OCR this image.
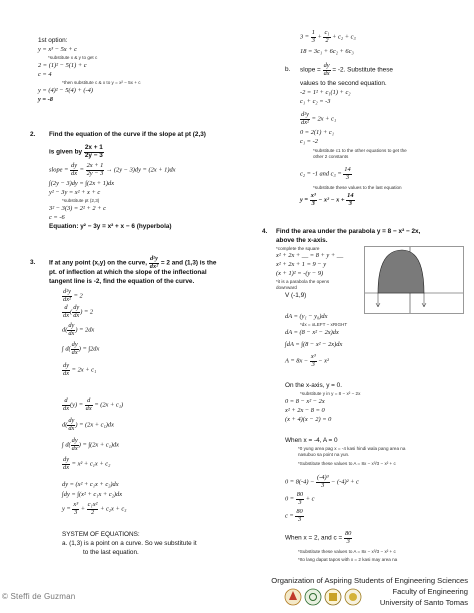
1st option:
y = x³ − 5x + c
*substitute x & y to get c
2 = (1)² − 5(1) + c
c = 4
*then substitute c & x to y = x² − 5x + c
y = (4)² − 5(4) + (-4)
y = -8
2. Find the equation of the curve if the slope at pt (2,3)
is given by $\frac{2x + 1}{2y - 3}$
slope = $\frac{dy}{dx} = \frac{2x + 1}{2y - 3} \to (2y - 3)dy = (2x + 1)dx$
∫(2y − 3)dy = ∫(2x + 1)dx
y² − 3y = x² + x + c
*substitute pt (2,3)
3² − 3(3) = 2² + 2 + c
c = -6
Equation: y² − 3y = x² + x − 6 (hyperbola)
3. If at any point (x,y) on the curve, $\frac{\text{d²y}}{\text{dx²}} = 2$ and (1,3) is the
pt. of inflection at which the slope of the inflectional
tangent line is -2, find the equation of the curve.
$\frac{\text{d²y}}{\text{dx²}} = 2$
$\frac{d}{dx}$ ( $\frac{dy}{dx}$ ) = 2
$d( \frac{dy}{dx}$ ) = 2dx
∫ $d( \frac{dy}{dx}$ ) = ∫2dx
$\frac{dy}{dx} = 2x + c_1$
$\frac{d}{dx} (y) = \frac{d}{dx} = (2x + c_1)$
$d( \frac{dy}{dx}$ ) = (2x + c₁)dx
∫ $d( \frac{dy}{dx}$ ) = ∫(2x + c₁)dx
$\frac{dy}{dx} = x^2 + c_1x + c_2$
dy = (x² + c₁x + c₂)dx
∫dy = ∫(x² + c₁x + c₂)dx
$y = \frac{\text{x³}}{3} + \frac{\text{c₁x²}}{2} + c_2x + c_3$
SYSTEM OF EQUATIONS:
a. (1,3) is a point on a curve. So we substitute it
to the last equation.
$3 = \frac{1}{3} + \frac{\text{c₁}}{2} + c_2 + c_3$
18 = 3c₁ + 6c₂ + 6c₃
b. slope = $\frac{dy}{dx} = -2$. Substitute these
values to the second equation.
-2 = 1² + c₁(1) + c₂
c₁ + c₂ = -3
$\frac{\text{d²y}}{\text{dx²}} = 2x + c_1$
0 = 2(1) + c₁
c₁ = -2
*substitute c1 to the other equations to get the
other 2 constants
c₂ = -1 and $c_3 = \frac{14}{3}$
*substitute these values to the last equation
$y = \frac{\text{x³}}{3} - x^2 - x + \frac{14}{3}$
4. Find the area under the parabola y = 8 − x² − 2x,
above the x-axis.
*complete the square
x² + 2x + __ = 8 + y + __
x² + 2x + 1 = 9 − y
(x + 1)² = -(y − 9)
*it is a parabola the opens
downward
V (-1,9)
dA = (y₁ − y₀)dx
*dx = xLEFT − xRIGHT
dA = (8 − x² − 2x)dx
∫dA = ∫(8 − x² − 2x)dx
$A = 8x - \frac{\text{x³}}{3} - x^2$
On the x-axis, y = 0.
*substitute y in y = 8 − x² − 2x
0 = 8 − x² − 2x
x² + 2x − 8 = 0
(x + 4)(x − 2) = 0
When x = -4, A = 0
*0 yung area pag x = -4 kasi hindi wala pang area na
nasubuo sa point na yun.
*Substitute these values to A = 8x − x³/3 − x² + c
$0 = 8(-4) - \frac{\text{(-4)³}}{3} - (-4)^2 + c$
$0 = \frac{80}{3} + c$
$c = \frac{80}{3}$
When x = 2, and $c = \frac{80}{3}$
*Substitute these values to A = 8x − x³/3 − x² + c
*Ito lang dapat tapos with x = 2 kasi may area na
© Steffi de Guzman
Organization of Aspiring Students of Engineering Sciences
Faculty of Engineering
University of Santo Tomas
